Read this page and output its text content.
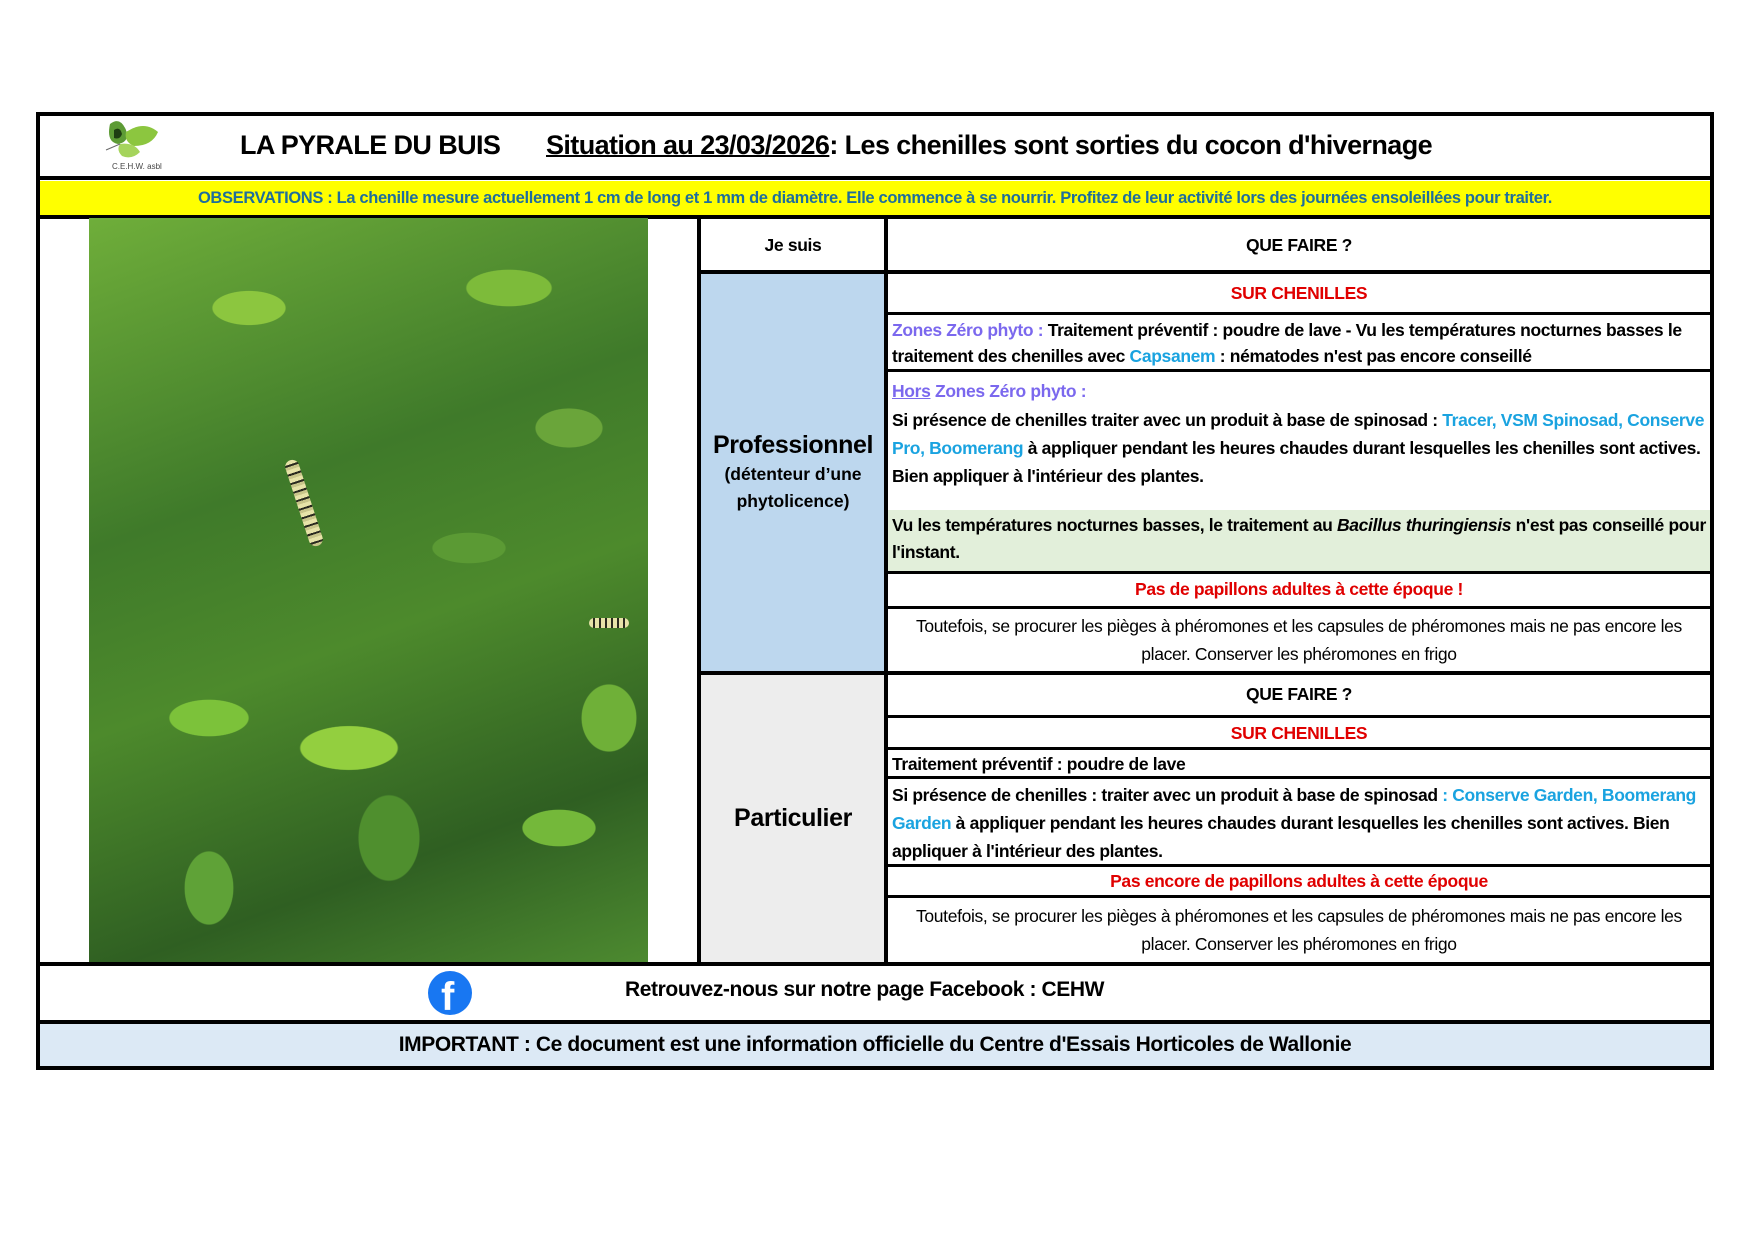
C.E.H.W. asbl
LA PYRALE DU BUIS Situation au 23/03/2026: Les chenilles sont sorties du cocon d'hivernage
OBSERVATIONS : La chenille mesure actuellement 1 cm de long et 1 mm de diamètre. Elle commence à se nourrir. Profitez de leur activité lors des journées ensoleillées pour traiter.
Je suis
Professionnel
(détenteur d’une
phytolicence)
Particulier
QUE FAIRE ?
SUR CHENILLES
Zones Zéro phyto : Traitement préventif : poudre de lave - Vu les températures nocturnes basses le traitement des chenilles avec Capsanem : nématodes n'est pas encore conseillé
Hors Zones Zéro phyto :
Si présence de chenilles traiter avec un produit à base de spinosad : Tracer, VSM Spinosad, Conserve Pro, Boomerang à appliquer pendant les heures chaudes durant lesquelles les chenilles sont actives. Bien appliquer à l'intérieur des plantes.
Vu les températures nocturnes basses, le traitement au Bacillus thuringiensis n'est pas conseillé pour l'instant.
Pas de papillons adultes à cette époque !
Toutefois, se procurer les pièges à phéromones et les capsules de phéromones mais ne pas encore les placer. Conserver les phéromones en frigo
QUE FAIRE ?
SUR CHENILLES
Traitement préventif : poudre de lave
Si présence de chenilles : traiter avec un produit à base de spinosad : Conserve Garden, Boomerang Garden à appliquer pendant les heures chaudes durant lesquelles les chenilles sont actives. Bien appliquer à l'intérieur des plantes.
Pas encore de papillons adultes à cette époque
Toutefois, se procurer les pièges à phéromones et les capsules de phéromones mais ne pas encore les placer. Conserver les phéromones en frigo
f	Retrouvez-nous sur notre page Facebook : CEHW
IMPORTANT : Ce document est une information officielle du Centre d'Essais Horticoles de Wallonie
